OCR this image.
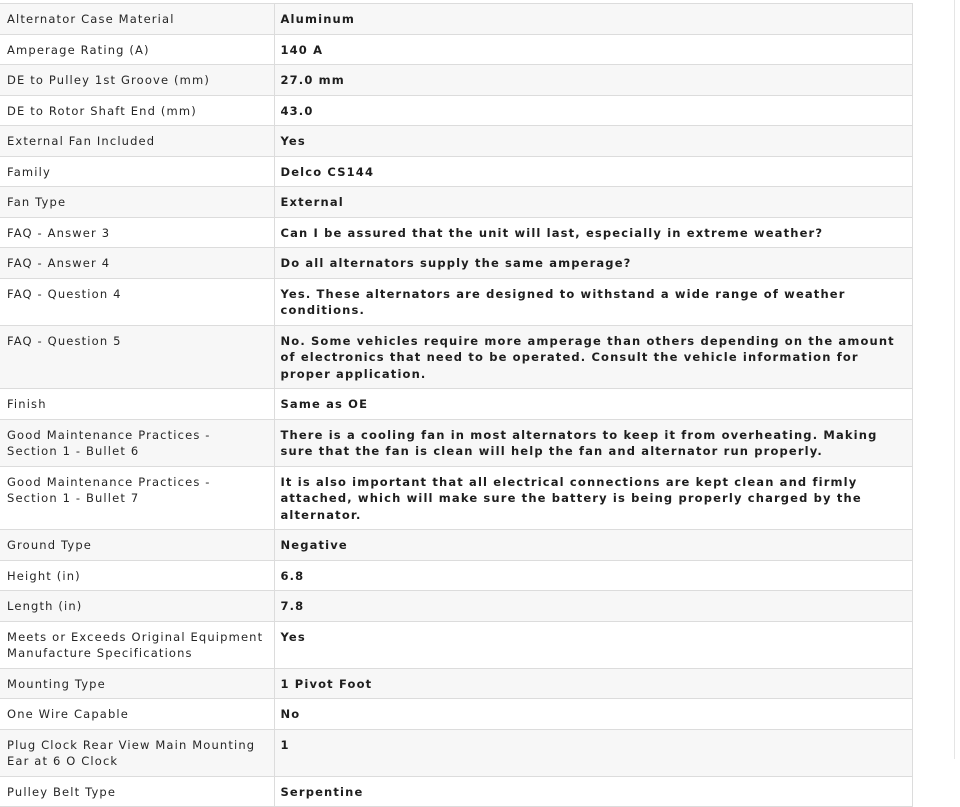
Alternator Case Material	Aluminum
Amperage Rating (A)	140 A
DE to Pulley 1st Groove (mm)	27.0 mm
DE to Rotor Shaft End (mm)	43.0
External Fan Included	Yes
Family	Delco CS144
Fan Type	External
FAQ - Answer 3	Can I be assured that the unit will last, especially in extreme weather?
FAQ - Answer 4	Do all alternators supply the same amperage?
FAQ - Question 4	Yes. These alternators are designed to withstand a wide range of weather conditions.
FAQ - Question 5	No. Some vehicles require more amperage than others depending on the amount of electronics that need to be operated. Consult the vehicle information for proper application.
Finish	Same as OE
Good Maintenance Practices - Section 1 - Bullet 6	There is a cooling fan in most alternators to keep it from overheating. Making sure that the fan is clean will help the fan and alternator run properly.
Good Maintenance Practices - Section 1 - Bullet 7	It is also important that all electrical connections are kept clean and firmly attached, which will make sure the battery is being properly charged by the alternator.
Ground Type	Negative
Height (in)	6.8
Length (in)	7.8
Meets or Exceeds Original Equipment Manufacture Specifications	Yes
Mounting Type	1 Pivot Foot
One Wire Capable	No
Plug Clock Rear View Main Mounting Ear at 6 O Clock	1
Pulley Belt Type	Serpentine
